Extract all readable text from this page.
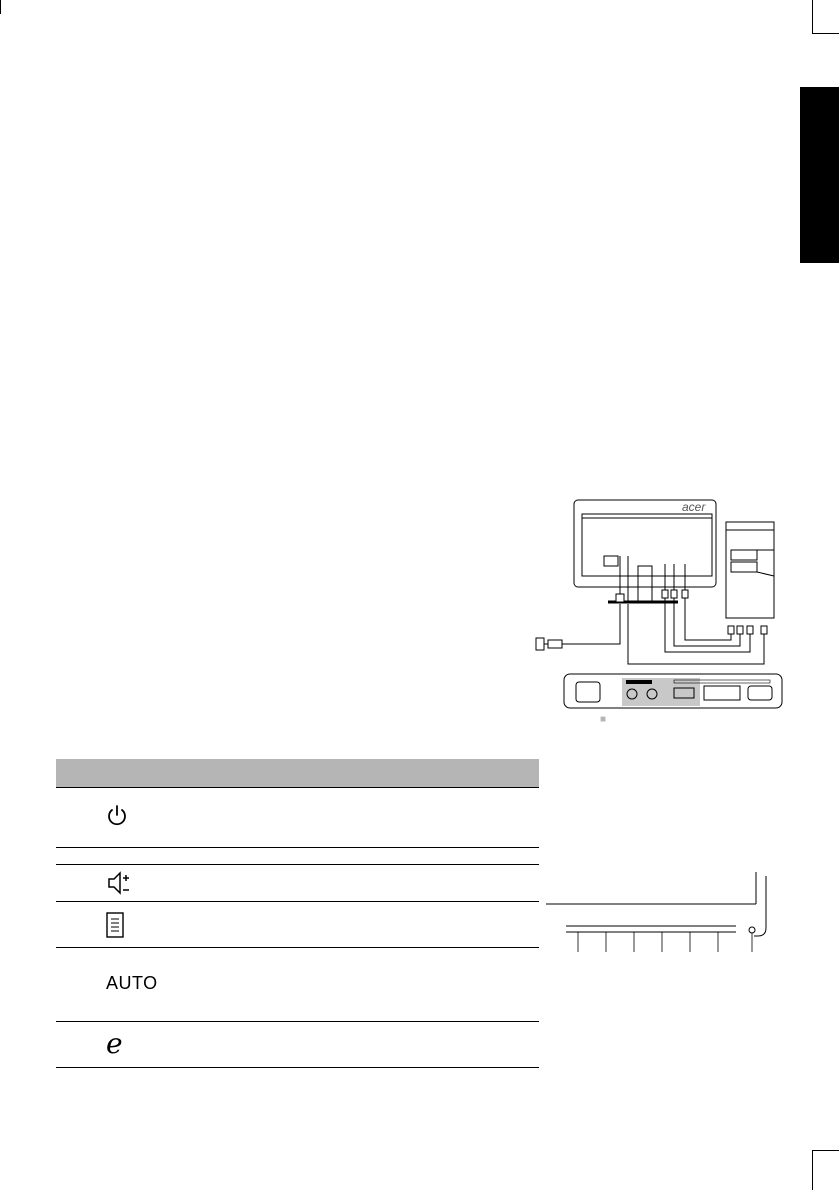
acer
■
AUTO
e
